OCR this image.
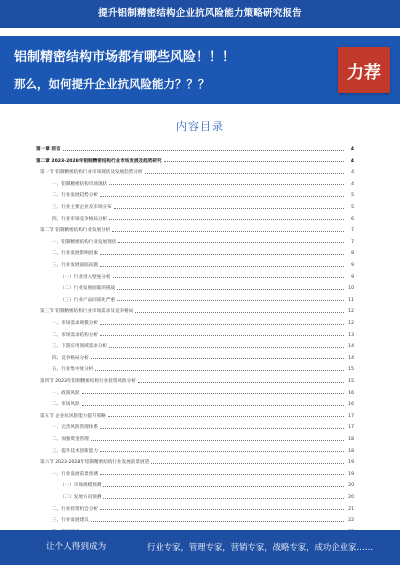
提升铝制精密结构企业抗风险能力策略研究报告
铝制精密结构市场都有哪些风险！！！
那么，如何提升企业抗风险能力？？？
力荐
内容目录
第一章 前言	4
第二章 2023-2028年铝制精密结构行业市场发展及趋势研究	4
第一节 铝制精密结构行业市场现状及发展趋势分析	4
一、铝制精密结构市场现状	4
二、行业发展趋势分析	5
三、行业主要企业及市场分布	5
四、行业市场竞争格局分析	6
第二节 铝制精密结构行业发展分析	7
一、铝制精密结构行业发展现状	7
二、行业发展影响因素	8
三、行业发展面临问题	9
（一）行业进入壁垒分析	9
（二）行业发展面临的挑战	10
（三）行业产品同质化严重	11
第三节 铝制精密结构行业市场需求及竞争格局	12
一、市场需求规模分析	12
二、市场需求结构分析	13
三、下游应用领域需求分析	14
四、竞争格局分析	14
五、行业集中度分析	15
第四节 2023年铝制精密结构行业投资风险分析	15
一、政策风险	16
二、市场风险	16
第五节 企业抗风险能力提升策略	17
一、完善风险管理体系	17
二、加强资金管理	18
三、提升技术创新能力	18
第六节 2023-2028年铝制精密结构行业发展前景展望	19
一、行业发展前景预测	19
（一）市场规模预测	20
（二）发展方向预测	20
二、行业投资机会分析	21
三、行业发展建议	22
让个人得到成为	行业专家，管理专家，营销专家，战略专家，成功企业家……
